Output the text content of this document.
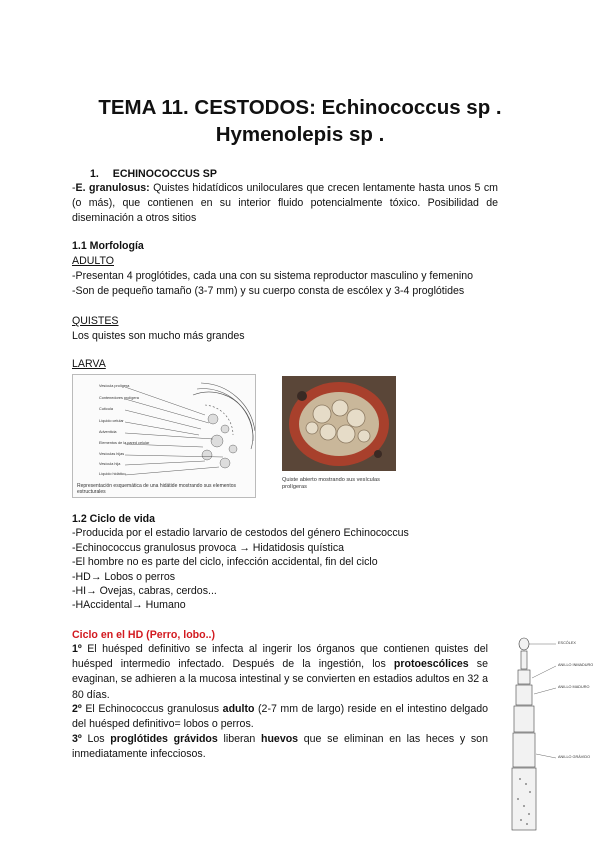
TEMA 11. CESTODOS: Echinococcus sp .
Hymenolepis sp .
1. ECHINOCOCCUS SP
-E. granulosus: Quistes hidatídicos uniloculares que crecen lentamente hasta unos 5 cm (o más), que contienen en su interior fluido potencialmente tóxico. Posibilidad de diseminación a otros sitios
1.1 Morfología
ADULTO
-Presentan 4 proglótides, cada una con su sistema reproductor masculino y femenino
-Son de pequeño tamaño (3-7 mm) y su cuerpo consta de escólex y 3-4 proglótides
QUISTES
Los quistes son mucho más grandes
LARVA
Vesícula prolígera
Contenedores prolígera
Cutícula
Líquido celular
Adventicia
Elementos de la pared celular
Vesículas hijas
Vesícula hija
Líquido hidático
Representación esquemática de una hidátide mostrando sus elementos estructurales
Quiste abierto mostrando sus vesículas prolígeras
1.2 Ciclo de vida
-Producida por el estadio larvario de cestodos del género Echinococcus
-Echinococcus granulosus provoca → Hidatidosis quística
-El hombre no es parte del ciclo, infección accidental, fin del ciclo
-HD→ Lobos o perros
-HI→ Ovejas, cabras, cerdos...
-HAccidental→ Humano
Ciclo en el HD (Perro, lobo..)
1º El huésped definitivo se infecta al ingerir los órganos que contienen quistes del huésped intermedio infectado. Después de la ingestión, los protoescólices se evaginan, se adhieren a la mucosa intestinal y se convierten en estadios adultos en 32 a 80 días.
2º El Echinococcus granulosus adulto (2-7 mm de largo) reside en el intestino delgado del huésped definitivo= lobos o perros.
3º Los proglótides grávidos liberan huevos que se eliminan en las heces y son inmediatamente infecciosos.
ESCÓLEX
ANILLO INMADURO
ANILLO MADURO
ANILLO GRÁVIDO
